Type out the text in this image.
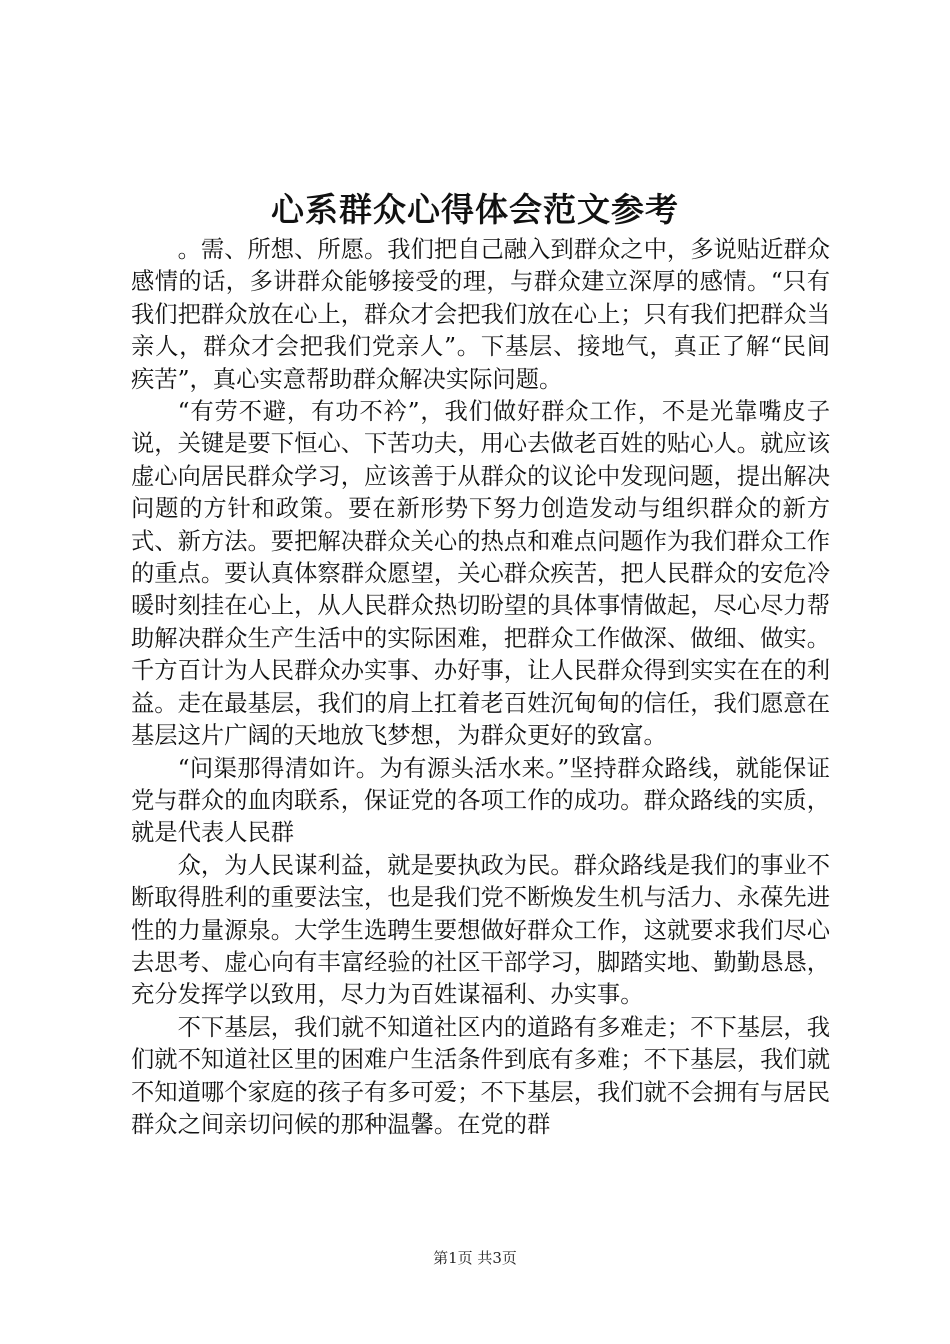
心系群众心得体会范文参考

。需、所想、所愿。我们把自己融入到群众之中，多说贴近群众感情的话，多讲群众能够接受的理，与群众建立深厚的感情。“只有我们把群众放在心上，群众才会把我们放在心上；只有我们把群众当亲人，群众才会把我们党亲人”。下基层、接地气，真正了解“民间疾苦”，真心实意帮助群众解决实际问题。

“有劳不避，有功不衿”，我们做好群众工作，不是光靠嘴皮子说，关键是要下恒心、下苦功夫，用心去做老百姓的贴心人。就应该虚心向居民群众学习，应该善于从群众的议论中发现问题，提出解决问题的方针和政策。要在新形势下努力创造发动与组织群众的新方式、新方法。要把解决群众关心的热点和难点问题作为我们群众工作的重点。要认真体察群众愿望，关心群众疾苦，把人民群众的安危冷暖时刻挂在心上，从人民群众热切盼望的具体事情做起，尽心尽力帮助解决群众生产生活中的实际困难，把群众工作做深、做细、做实。千方百计为人民群众办实事、办好事，让人民群众得到实实在在的利益。走在最基层，我们的肩上扛着老百姓沉甸甸的信任，我们愿意在基层这片广阔的天地放飞梦想，为群众更好的致富。

“问渠那得清如许。为有源头活水来。”坚持群众路线，就能保证党与群众的血肉联系，保证党的各项工作的成功。群众路线的实质，就是代表人民群

众，为人民谋利益，就是要执政为民。群众路线是我们的事业不断取得胜利的重要法宝，也是我们党不断焕发生机与活力、永葆先进性的力量源泉。大学生选聘生要想做好群众工作，这就要求我们尽心去思考、虚心向有丰富经验的社区干部学习，脚踏实地、勤勤恳恳，充分发挥学以致用，尽力为百姓谋福利、办实事。

不下基层，我们就不知道社区内的道路有多难走；不下基层，我们就不知道社区里的困难户生活条件到底有多难；不下基层，我们就不知道哪个家庭的孩子有多可爱；不下基层，我们就不会拥有与居民群众之间亲切问候的那种温馨。在党的群

第1页 共3页
